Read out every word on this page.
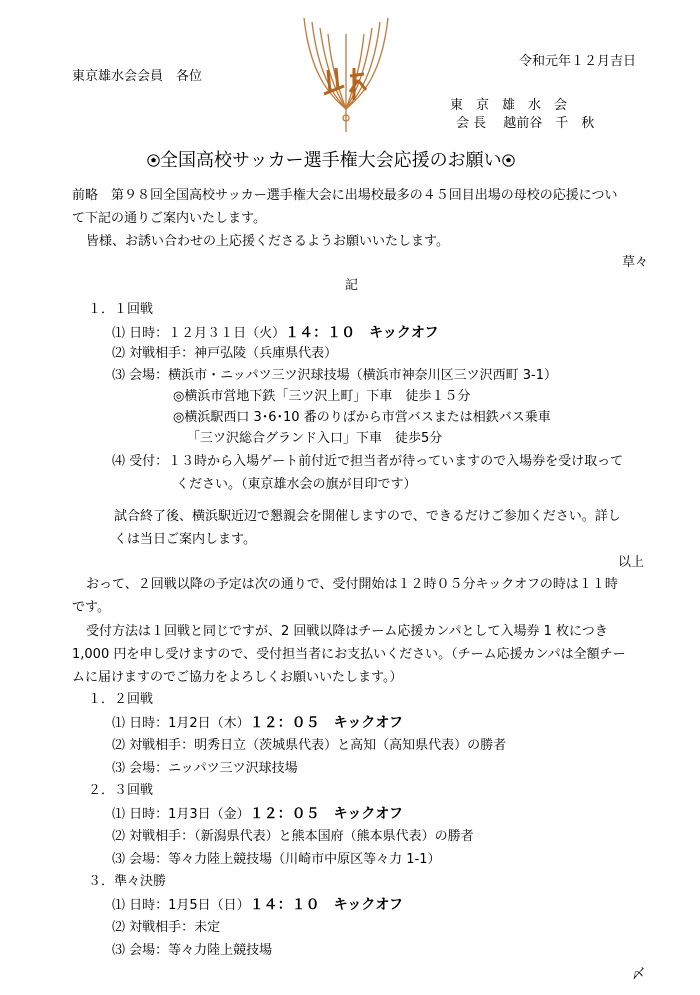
令和元年１２月吉日
東京雄水会会員　各位
東　京　雄　水　会
会 長　 越前谷　千　秋
全国高校サッカー選手権大会応援のお願い
前略　第９８回全国高校サッカー選手権大会に出場校最多の４５回目出場の母校の応援につい
て下記の通りご案内いたします。
皆様、お誘い合わせの上応援くださるようお願いいたします。
草々
記
１．１回戦
⑴ 日時：１２月３１日（火）１４：１０　キックオフ
⑵ 対戦相手：神戸弘陵（兵庫県代表）
⑶ 会場：横浜市・ニッパツ三ツ沢球技場（横浜市神奈川区三ツ沢西町 3-1）
◎横浜市営地下鉄「三ツ沢上町」下車　徒歩１５分
◎横浜駅西口 3･6･10 番のりばから市営バスまたは相鉄バス乗車
「三ツ沢総合グランド入口」下車　徒歩5分
⑷ 受付：１３時から入場ゲート前付近で担当者が待っていますので入場券を受け取って
ください。（東京雄水会の旗が目印です）
試合終了後、横浜駅近辺で懇親会を開催しますので、できるだけご参加ください。詳し
くは当日ご案内します。
以上
おって、２回戦以降の予定は次の通りで、受付開始は１２時０５分キックオフの時は１１時
です。
受付方法は１回戦と同じですが、2 回戦以降はチーム応援カンパとして入場券 1 枚につき
1,000 円を申し受けますので、受付担当者にお支払いください。（チーム応援カンパは全額チー
ムに届けますのでご協力をよろしくお願いいたします。）
１．２回戦
⑴ 日時：1月2日（木）１２：０５　キックオフ
⑵ 対戦相手：明秀日立（茨城県代表）と高知（高知県代表）の勝者
⑶ 会場：ニッパツ三ツ沢球技場
２．３回戦
⑴ 日時：1月3日（金）１２：０５　キックオフ
⑵ 対戦相手：（新潟県代表）と熊本国府（熊本県代表）の勝者
⑶ 会場：等々力陸上競技場（川崎市中原区等々力 1-1）
３．準々決勝
⑴ 日時：1月5日（日）１４：１０　キックオフ
⑵ 対戦相手：未定
⑶ 会場：等々力陸上競技場
〆
